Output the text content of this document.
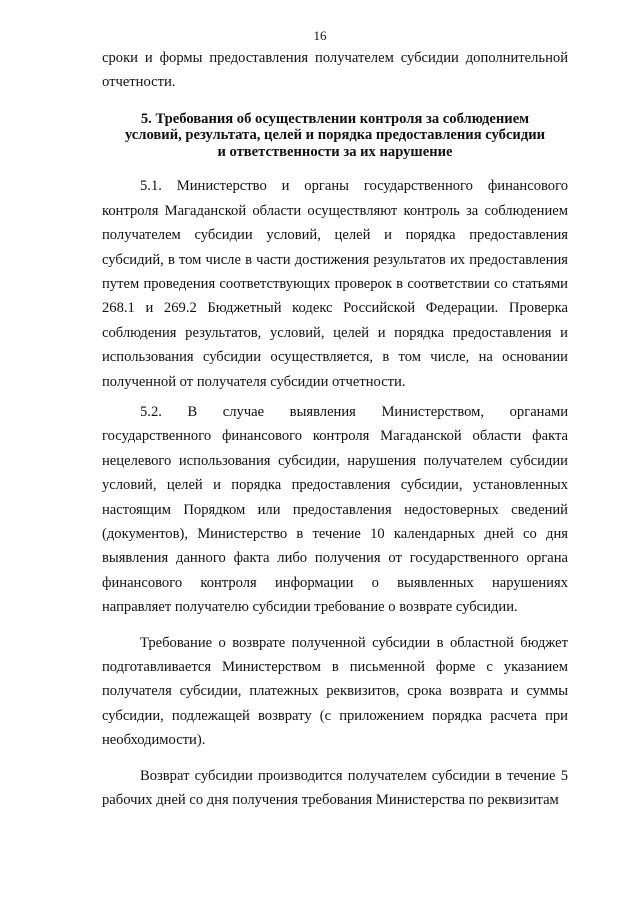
16

сроки и формы предоставления получателем субсидии дополнительной отчетности.

5. Требования об осуществлении контроля за соблюдением
условий, результата, целей и порядка предоставления субсидии
и ответственности за их нарушение

5.1. Министерство и органы государственного финансового контроля Магаданской области осуществляют контроль за соблюдением получателем субсидии условий, целей и порядка предоставления субсидий, в том числе в части достижения результатов их предоставления путем проведения соответствующих проверок в соответствии со статьями 268.1 и 269.2 Бюджетный кодекс Российской Федерации. Проверка соблюдения результатов, условий, целей и порядка предоставления и использования субсидии осуществляется, в том числе, на основании полученной от получателя субсидии отчетности.

5.2. В случае выявления Министерством, органами государственного финансового контроля Магаданской области факта нецелевого использования субсидии, нарушения получателем субсидии условий, целей и порядка предоставления субсидии, установленных настоящим Порядком или предоставления недостоверных сведений (документов), Министерство в течение 10 календарных дней со дня выявления данного факта либо получения от государственного органа финансового контроля информации о выявленных нарушениях направляет получателю субсидии требование о возврате субсидии.

Требование о возврате полученной субсидии в областной бюджет подготавливается Министерством в письменной форме с указанием получателя субсидии, платежных реквизитов, срока возврата и суммы субсидии, подлежащей возврату (с приложением порядка расчета при необходимости).

Возврат субсидии производится получателем субсидии в течение 5 рабочих дней со дня получения требования Министерства по реквизитам
